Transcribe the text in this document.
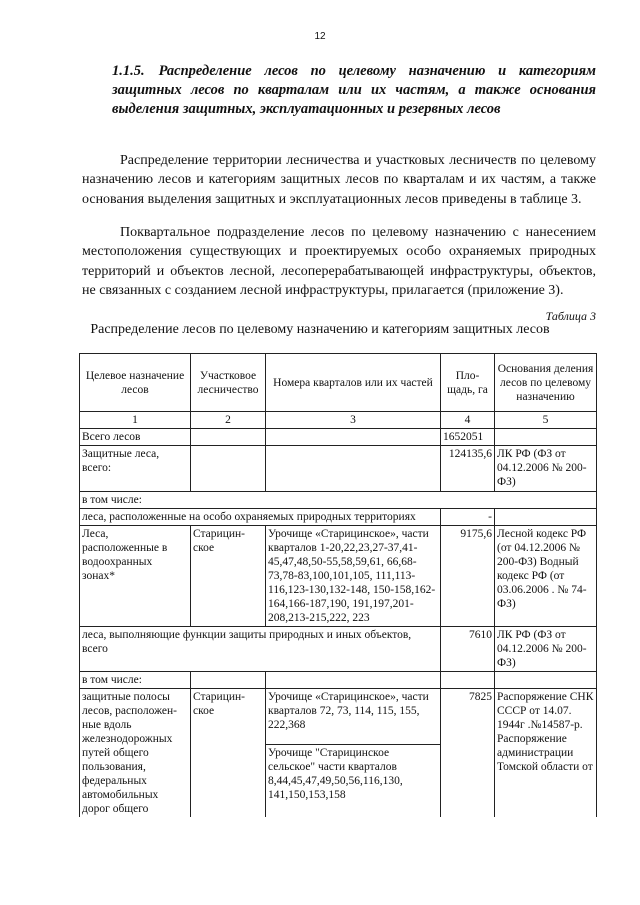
12
1.1.5. Распределение лесов по целевому назначению и категориям защитных лесов по кварталам или их частям, а также основания выделения защитных, эксплуатационных и резервных лесов

Распределение территории лесничества и участковых лесничеств по целевому назначению лесов и категориям защитных лесов по кварталам и их частям, а также основания выделения защитных и эксплуатационных лесов приведены в таблице 3.

Поквартальное подразделение лесов по целевому назначению с нанесением местоположения существующих и проектируемых особо охраняемых природных территорий и объектов лесной, лесоперерабатывающей инфраструктуры, объектов, не связанных с созданием лесной инфраструктуры, прилагается (приложение 3).

Таблица 3
Распределение лесов по целевому назначению и категориям защитных лесов
Целевое назначение лесов	Участковое лесничество	Номера кварталов или их частей	Пло-щадь, га	Основания деления лесов по целевому назначению
1	2	3	4	5
Всего лесов			1652051	
Защитные леса, всего:			124135,6	ЛК РФ (ФЗ от 04.12.2006 № 200-ФЗ)
в том числе:				
леса, расположенные на особо охраняемых природных территориях			-	
Леса, расположенные в водоохранных зонах*	Старицин-ское	Урочище «Старицинское», части кварталов 1-20,22,23,27-37,41-45,47,48,50-55,58,59,61, 66,68-73,78-83,100,101,105, 111,113-116,123-130,132-148, 150-158,162-164,166-187,190, 191,197,201-208,213-215,222, 223	9175,6	Лесной кодекс РФ (от 04.12.2006 № 200-ФЗ) Водный кодекс РФ (от 03.06.2006 . № 74-ФЗ)
леса, выполняющие функции защиты природных и иных объектов, всего			7610	ЛК РФ (ФЗ от 04.12.2006 № 200-ФЗ)
в том числе:				
защитные полосы лесов, расположен-ные вдоль железнодорожных путей общего пользования, федеральных автомобильных дорог общего	Старицин-ское	Урочище «Старицинское», части кварталов 72, 73, 114, 115, 155, 222,368	7825	Распоряжение СНК СССР от 14.07. 1944г .№14587-р. Распоряжение администрации Томской области от
		Урочище "Старицинское сельское" части кварталов 8,44,45,47,49,50,56,116,130, 141,150,153,158		
